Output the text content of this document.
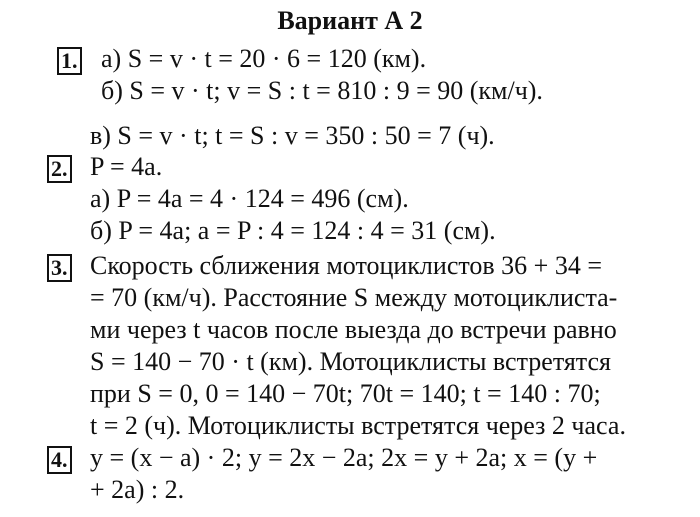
Вариант А 2
1. а) S = v · t = 20 · 6 = 120 (км).
б) S = v · t; v = S : t = 810 : 9 = 90 (км/ч).
в) S = v · t; t = S : v = 350 : 50 = 7 (ч).
2. P = 4a.
а) P = 4a = 4 · 124 = 496 (см).
б) P = 4a; a = P : 4 = 124 : 4 = 31 (см).
3. Скорость сближения мотоциклистов 36 + 34 =
= 70 (км/ч). Расстояние S между мотоциклиста-
ми через t часов после выезда до встречи равно
S = 140 − 70 · t (км). Мотоциклисты встретятся
при S = 0, 0 = 140 − 70t; 70t = 140; t = 140 : 70;
t = 2 (ч). Мотоциклисты встретятся через 2 часа.
4. y = (x − a) · 2; y = 2x − 2a; 2x = y + 2a; x = (y +
+ 2a) : 2.
